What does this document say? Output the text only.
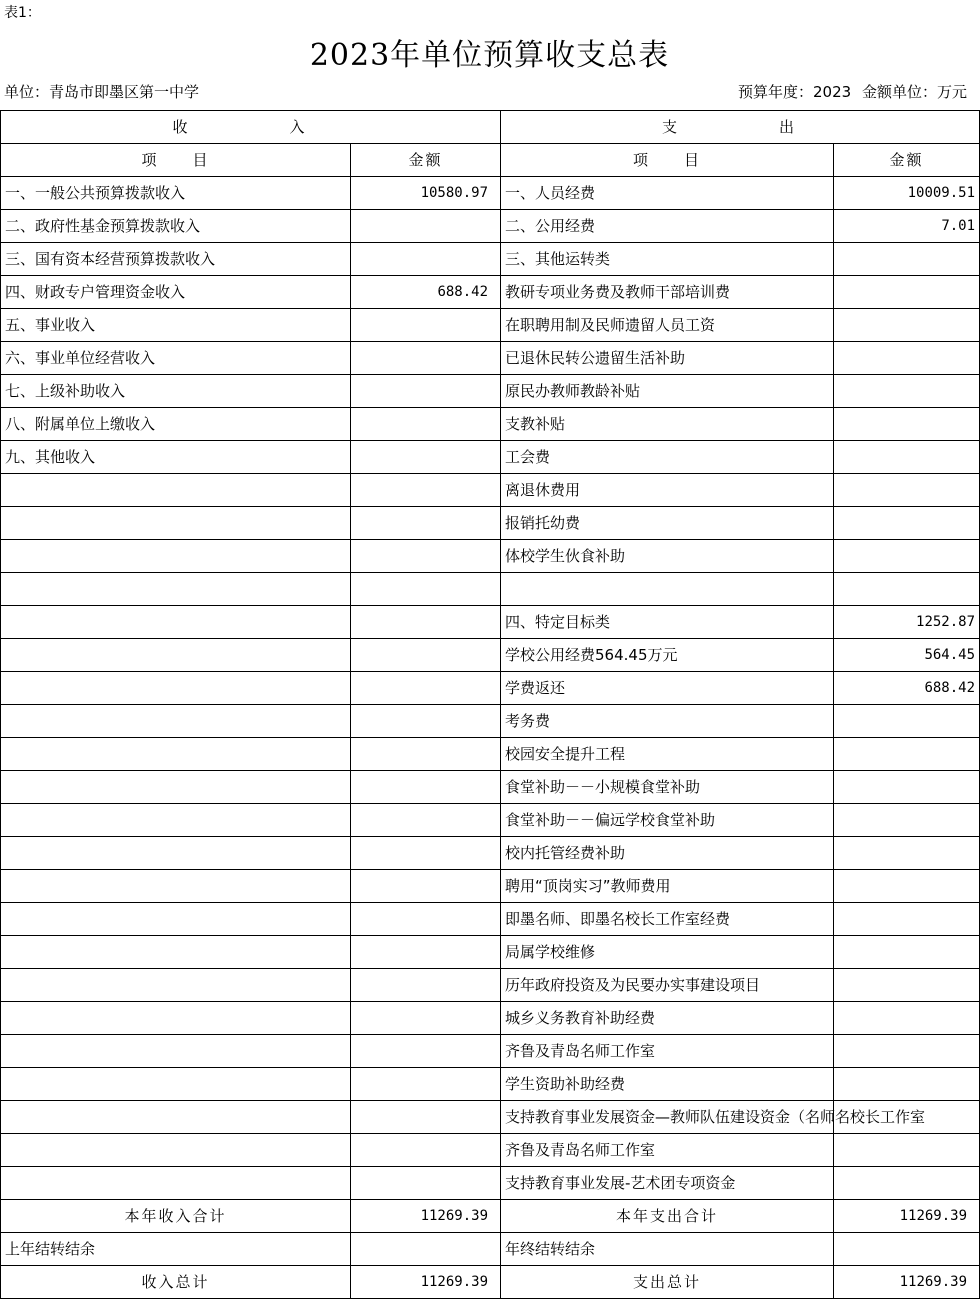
表1：
2023年单位预算收支总表
单位：青岛市即墨区第一中学	预算年度：2023 金额单位：万元
收　　入		支　　出	
项　　目	金额	项　　目	金额
一、一般公共预算拨款收入	10580.97	一、人员经费	10009.51
二、政府性基金预算拨款收入		二、公用经费	7.01
三、国有资本经营预算拨款收入		三、其他运转类	
四、财政专户管理资金收入	688.42	教研专项业务费及教师干部培训费	
五、事业收入		在职聘用制及民师遗留人员工资	
六、事业单位经营收入		已退休民转公遗留生活补助	
七、上级补助收入		原民办教师教龄补贴	
八、附属单位上缴收入		支教补贴	
九、其他收入		工会费	
		离退休费用	
		报销托幼费	
		体校学生伙食补助	

		四、特定目标类	1252.87
		学校公用经费564.45万元	564.45
		学费返还	688.42
		考务费	
		校园安全提升工程	
		食堂补助－－小规模食堂补助	
		食堂补助－－偏远学校食堂补助	
		校内托管经费补助	
		聘用“顶岗实习”教师费用	
		即墨名师、即墨名校长工作室经费	
		局属学校维修	
		历年政府投资及为民要办实事建设项目	
		城乡义务教育补助经费	
		齐鲁及青岛名师工作室	
		学生资助补助经费	
		支持教育事业发展资金—教师队伍建设资金（名师名校长工作室	
		齐鲁及青岛名师工作室	
		支持教育事业发展-艺术团专项资金	
本年收入合计	11269.39	本年支出合计	11269.39
上年结转结余		年终结转结余	
收入总计	11269.39	支出总计	11269.39
